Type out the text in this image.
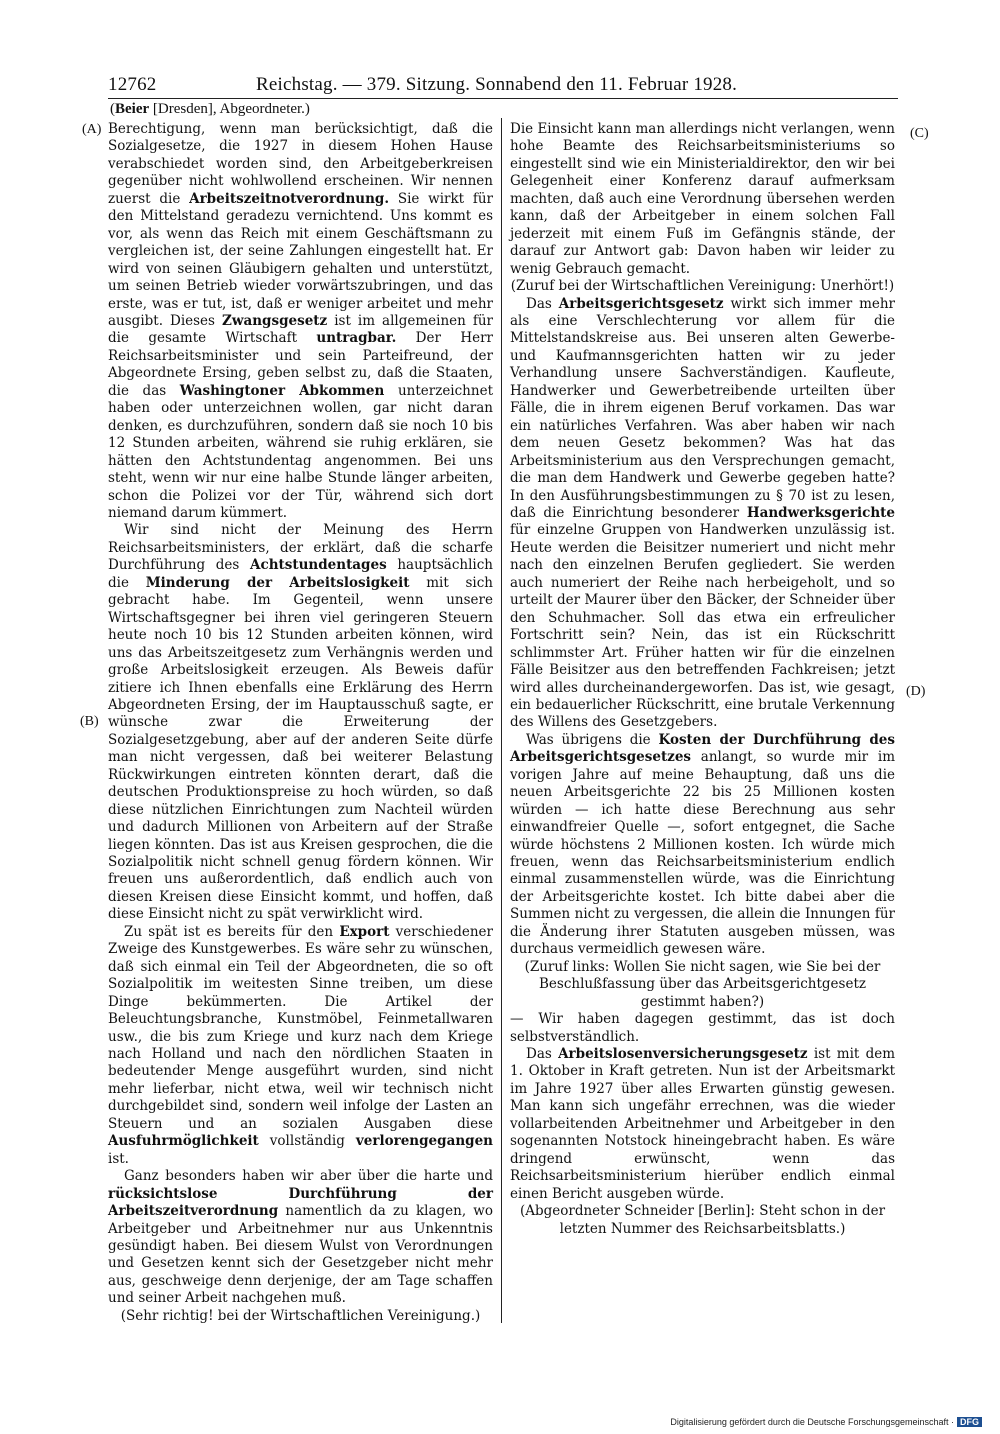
12762	Reichstag. — 379. Sitzung. Sonnabend den 11. Februar 1928.
(Beier [Dresden], Abgeordneter.)
(A)
(B)
(C)
(D)

Berechtigung, wenn man berücksichtigt, daß die Sozialgesetze, die 1927 in diesem Hohen Hause verabschiedet worden sind, den Arbeitgeberkreisen gegenüber nicht wohlwollend erscheinen. Wir nennen zuerst die Arbeitszeitnotverordnung. Sie wirkt für den Mittelstand geradezu vernichtend. Uns kommt es vor, als wenn das Reich mit einem Geschäftsmann zu vergleichen ist, der seine Zahlungen eingestellt hat. Er wird von seinen Gläubigern gehalten und unterstützt, um seinen Betrieb wieder vorwärtszubringen, und das erste, was er tut, ist, daß er weniger arbeitet und mehr ausgibt. Dieses Zwangsgesetz ist im allgemeinen für die gesamte Wirtschaft untragbar. Der Herr Reichsarbeitsminister und sein Parteifreund, der Abgeordnete Ersing, geben selbst zu, daß die Staaten, die das Washingtoner Abkommen unterzeichnet haben oder unterzeichnen wollen, gar nicht daran denken, es durchzuführen, sondern daß sie noch 10 bis 12 Stunden arbeiten, während sie ruhig erklären, sie hätten den Achtstundentag angenommen. Bei uns steht, wenn wir nur eine halbe Stunde länger arbeiten, schon die Polizei vor der Tür, während sich dort niemand darum kümmert.

Wir sind nicht der Meinung des Herrn Reichsarbeitsministers, der erklärt, daß die scharfe Durchführung des Achtstundentages hauptsächlich die Minderung der Arbeitslosigkeit mit sich gebracht habe. Im Gegenteil, wenn unsere Wirtschaftsgegner bei ihren viel geringeren Steuern heute noch 10 bis 12 Stunden arbeiten können, wird uns das Arbeitszeitgesetz zum Verhängnis werden und große Arbeitslosigkeit erzeugen. Als Beweis dafür zitiere ich Ihnen ebenfalls eine Erklärung des Herrn Abgeordneten Ersing, der im Hauptausschuß sagte, er wünsche zwar die Erweiterung der Sozialgesetzgebung, aber auf der anderen Seite dürfe man nicht vergessen, daß bei weiterer Belastung Rückwirkungen eintreten könnten derart, daß die deutschen Produktionspreise zu hoch würden, so daß diese nützlichen Einrichtungen zum Nachteil würden und dadurch Millionen von Arbeitern auf der Straße liegen könnten. Das ist aus Kreisen gesprochen, die die Sozialpolitik nicht schnell genug fördern können. Wir freuen uns außerordentlich, daß endlich auch von diesen Kreisen diese Einsicht kommt, und hoffen, daß diese Einsicht nicht zu spät verwirklicht wird.

Zu spät ist es bereits für den Export verschiedener Zweige des Kunstgewerbes. Es wäre sehr zu wünschen, daß sich einmal ein Teil der Abgeordneten, die so oft Sozialpolitik im weitesten Sinne treiben, um diese Dinge bekümmerten. Die Artikel der Beleuchtungsbranche, Kunstmöbel, Feinmetallwaren usw., die bis zum Kriege und kurz nach dem Kriege nach Holland und nach den nördlichen Staaten in bedeutender Menge ausgeführt wurden, sind nicht mehr lieferbar, nicht etwa, weil wir technisch nicht durchgebildet sind, sondern weil infolge der Lasten an Steuern und an sozialen Ausgaben diese Ausfuhrmöglichkeit vollständig verlorengegangen ist.

Ganz besonders haben wir aber über die harte und rücksichtslose Durchführung der Arbeitszeitverordnung namentlich da zu klagen, wo Arbeitgeber und Arbeitnehmer nur aus Unkenntnis gesündigt haben. Bei diesem Wulst von Verordnungen und Gesetzen kennt sich der Gesetzgeber nicht mehr aus, geschweige denn derjenige, der am Tage schaffen und seiner Arbeit nachgehen muß.

(Sehr richtig! bei der Wirtschaftlichen Vereinigung.)

Die Einsicht kann man allerdings nicht verlangen, wenn hohe Beamte des Reichsarbeitsministeriums so eingestellt sind wie ein Ministerialdirektor, den wir bei Gelegenheit einer Konferenz darauf aufmerksam machten, daß auch eine Verordnung übersehen werden kann, daß der Arbeitgeber in einem solchen Fall jederzeit mit einem Fuß im Gefängnis stände, der darauf zur Antwort gab: Davon haben wir leider zu wenig Gebrauch gemacht.

(Zuruf bei der Wirtschaftlichen Vereinigung: Unerhört!)

Das Arbeitsgerichtsgesetz wirkt sich immer mehr als eine Verschlechterung vor allem für die Mittelstandskreise aus. Bei unseren alten Gewerbe- und Kaufmannsgerichten hatten wir zu jeder Verhandlung unsere Sachverständigen. Kaufleute, Handwerker und Gewerbetreibende urteilten über Fälle, die in ihrem eigenen Beruf vorkamen. Das war ein natürliches Verfahren. Was aber haben wir nach dem neuen Gesetz bekommen? Was hat das Arbeitsministerium aus den Versprechungen gemacht, die man dem Handwerk und Gewerbe gegeben hatte? In den Ausführungsbestimmungen zu § 70 ist zu lesen, daß die Einrichtung besonderer Handwerksgerichte für einzelne Gruppen von Handwerken unzulässig ist. Heute werden die Beisitzer numeriert und nicht mehr nach den einzelnen Berufen gegliedert. Sie werden auch numeriert der Reihe nach herbeigeholt, und so urteilt der Maurer über den Bäcker, der Schneider über den Schuhmacher. Soll das etwa ein erfreulicher Fortschritt sein? Nein, das ist ein Rückschritt schlimmster Art. Früher hatten wir für die einzelnen Fälle Beisitzer aus den betreffenden Fachkreisen; jetzt wird alles durcheinandergeworfen. Das ist, wie gesagt, ein bedauerlicher Rückschritt, eine brutale Verkennung des Willens des Gesetzgebers.

Was übrigens die Kosten der Durchführung des Arbeitsgerichtsgesetzes anlangt, so wurde mir im vorigen Jahre auf meine Behauptung, daß uns die neuen Arbeitsgerichte 22 bis 25 Millionen kosten würden — ich hatte diese Berechnung aus sehr einwandfreier Quelle —, sofort entgegnet, die Sache würde höchstens 2 Millionen kosten. Ich würde mich freuen, wenn das Reichsarbeitsministerium endlich einmal zusammenstellen würde, was die Einrichtung der Arbeitsgerichte kostet. Ich bitte dabei aber die Summen nicht zu vergessen, die allein die Innungen für die Änderung ihrer Statuten ausgeben müssen, was durchaus vermeidlich gewesen wäre.

(Zuruf links: Wollen Sie nicht sagen, wie Sie bei der Beschlußfassung über das Arbeitsgerichtgesetz gestimmt haben?)

— Wir haben dagegen gestimmt, das ist doch selbstverständlich.

Das Arbeitslosenversicherungsgesetz ist mit dem 1. Oktober in Kraft getreten. Nun ist der Arbeitsmarkt im Jahre 1927 über alles Erwarten günstig gewesen. Man kann sich ungefähr errechnen, was die wieder vollarbeitenden Arbeitnehmer und Arbeitgeber in den sogenannten Notstock hineingebracht haben. Es wäre dringend erwünscht, wenn das Reichsarbeitsministerium hierüber endlich einmal einen Bericht ausgeben würde.

(Abgeordneter Schneider [Berlin]: Steht schon in der letzten Nummer des Reichsarbeitsblatts.)

Digitalisierung gefördert durch die Deutsche Forschungsgemeinschaft · DFG
